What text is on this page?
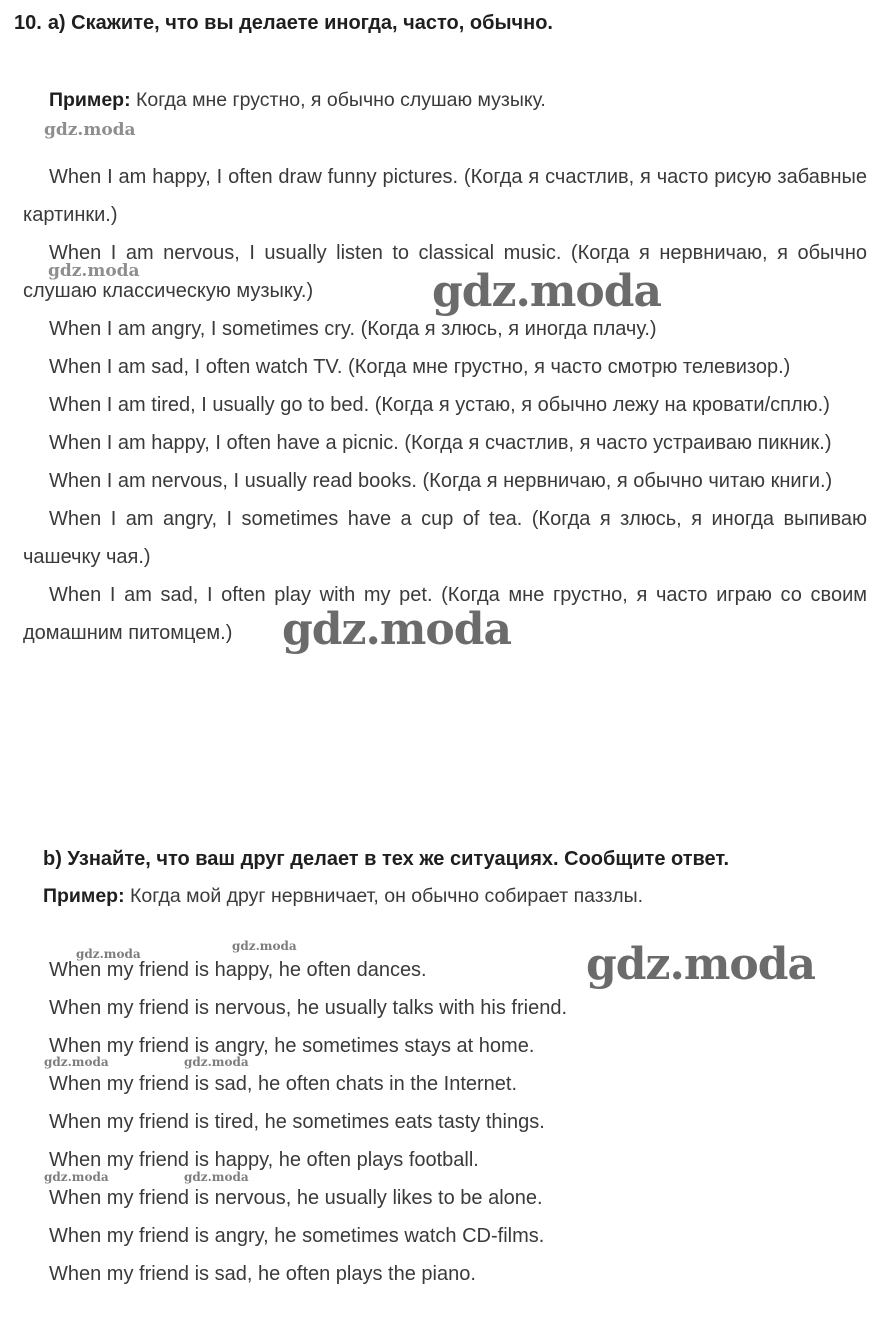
10. a) Скажите, что вы делаете иногда, часто, обычно.
Пример: Когда мне грустно, я обычно слушаю музыку.

When I am happy, I often draw funny pictures. (Когда я счастлив, я часто рисую забавные картинки.)

When I am nervous, I usually listen to classical music. (Когда я нервничаю, я обычно слушаю классическую музыку.)

When I am angry, I sometimes cry. (Когда я злюсь, я иногда плачу.)

When I am sad, I often watch TV. (Когда мне грустно, я часто смотрю телевизор.)

When I am tired, I usually go to bed. (Когда я устаю, я обычно лежу на кровати/сплю.)

When I am happy, I often have a picnic. (Когда я счастлив, я часто устраиваю пикник.)

When I am nervous, I usually read books. (Когда я нервничаю, я обычно читаю книги.)

When I am angry, I sometimes have a cup of tea. (Когда я злюсь, я иногда выпиваю чашечку чая.)

When I am sad, I often play with my pet. (Когда мне грустно, я часто играю со своим домашним питомцем.)

b) Узнайте, что ваш друг делает в тех же ситуациях. Сообщите ответ.
Пример: Когда мой друг нервничает, он обычно собирает паззлы.
When my friend is happy, he often dances.
When my friend is nervous, he usually talks with his friend.
When my friend is angry, he sometimes stays at home.
When my friend is sad, he often chats in the Internet.
When my friend is tired, he sometimes eats tasty things.
When my friend is happy, he often plays football.
When my friend is nervous, he usually likes to be alone.
When my friend is angry, he sometimes watch CD-films.
When my friend is sad, he often plays the piano.
gdz.moda
gdz.moda	gdz.moda
gdz.moda
gdz.moda
gdz.moda	gdz.moda
gdz.moda	gdz.moda
gdz.moda	gdz.moda
